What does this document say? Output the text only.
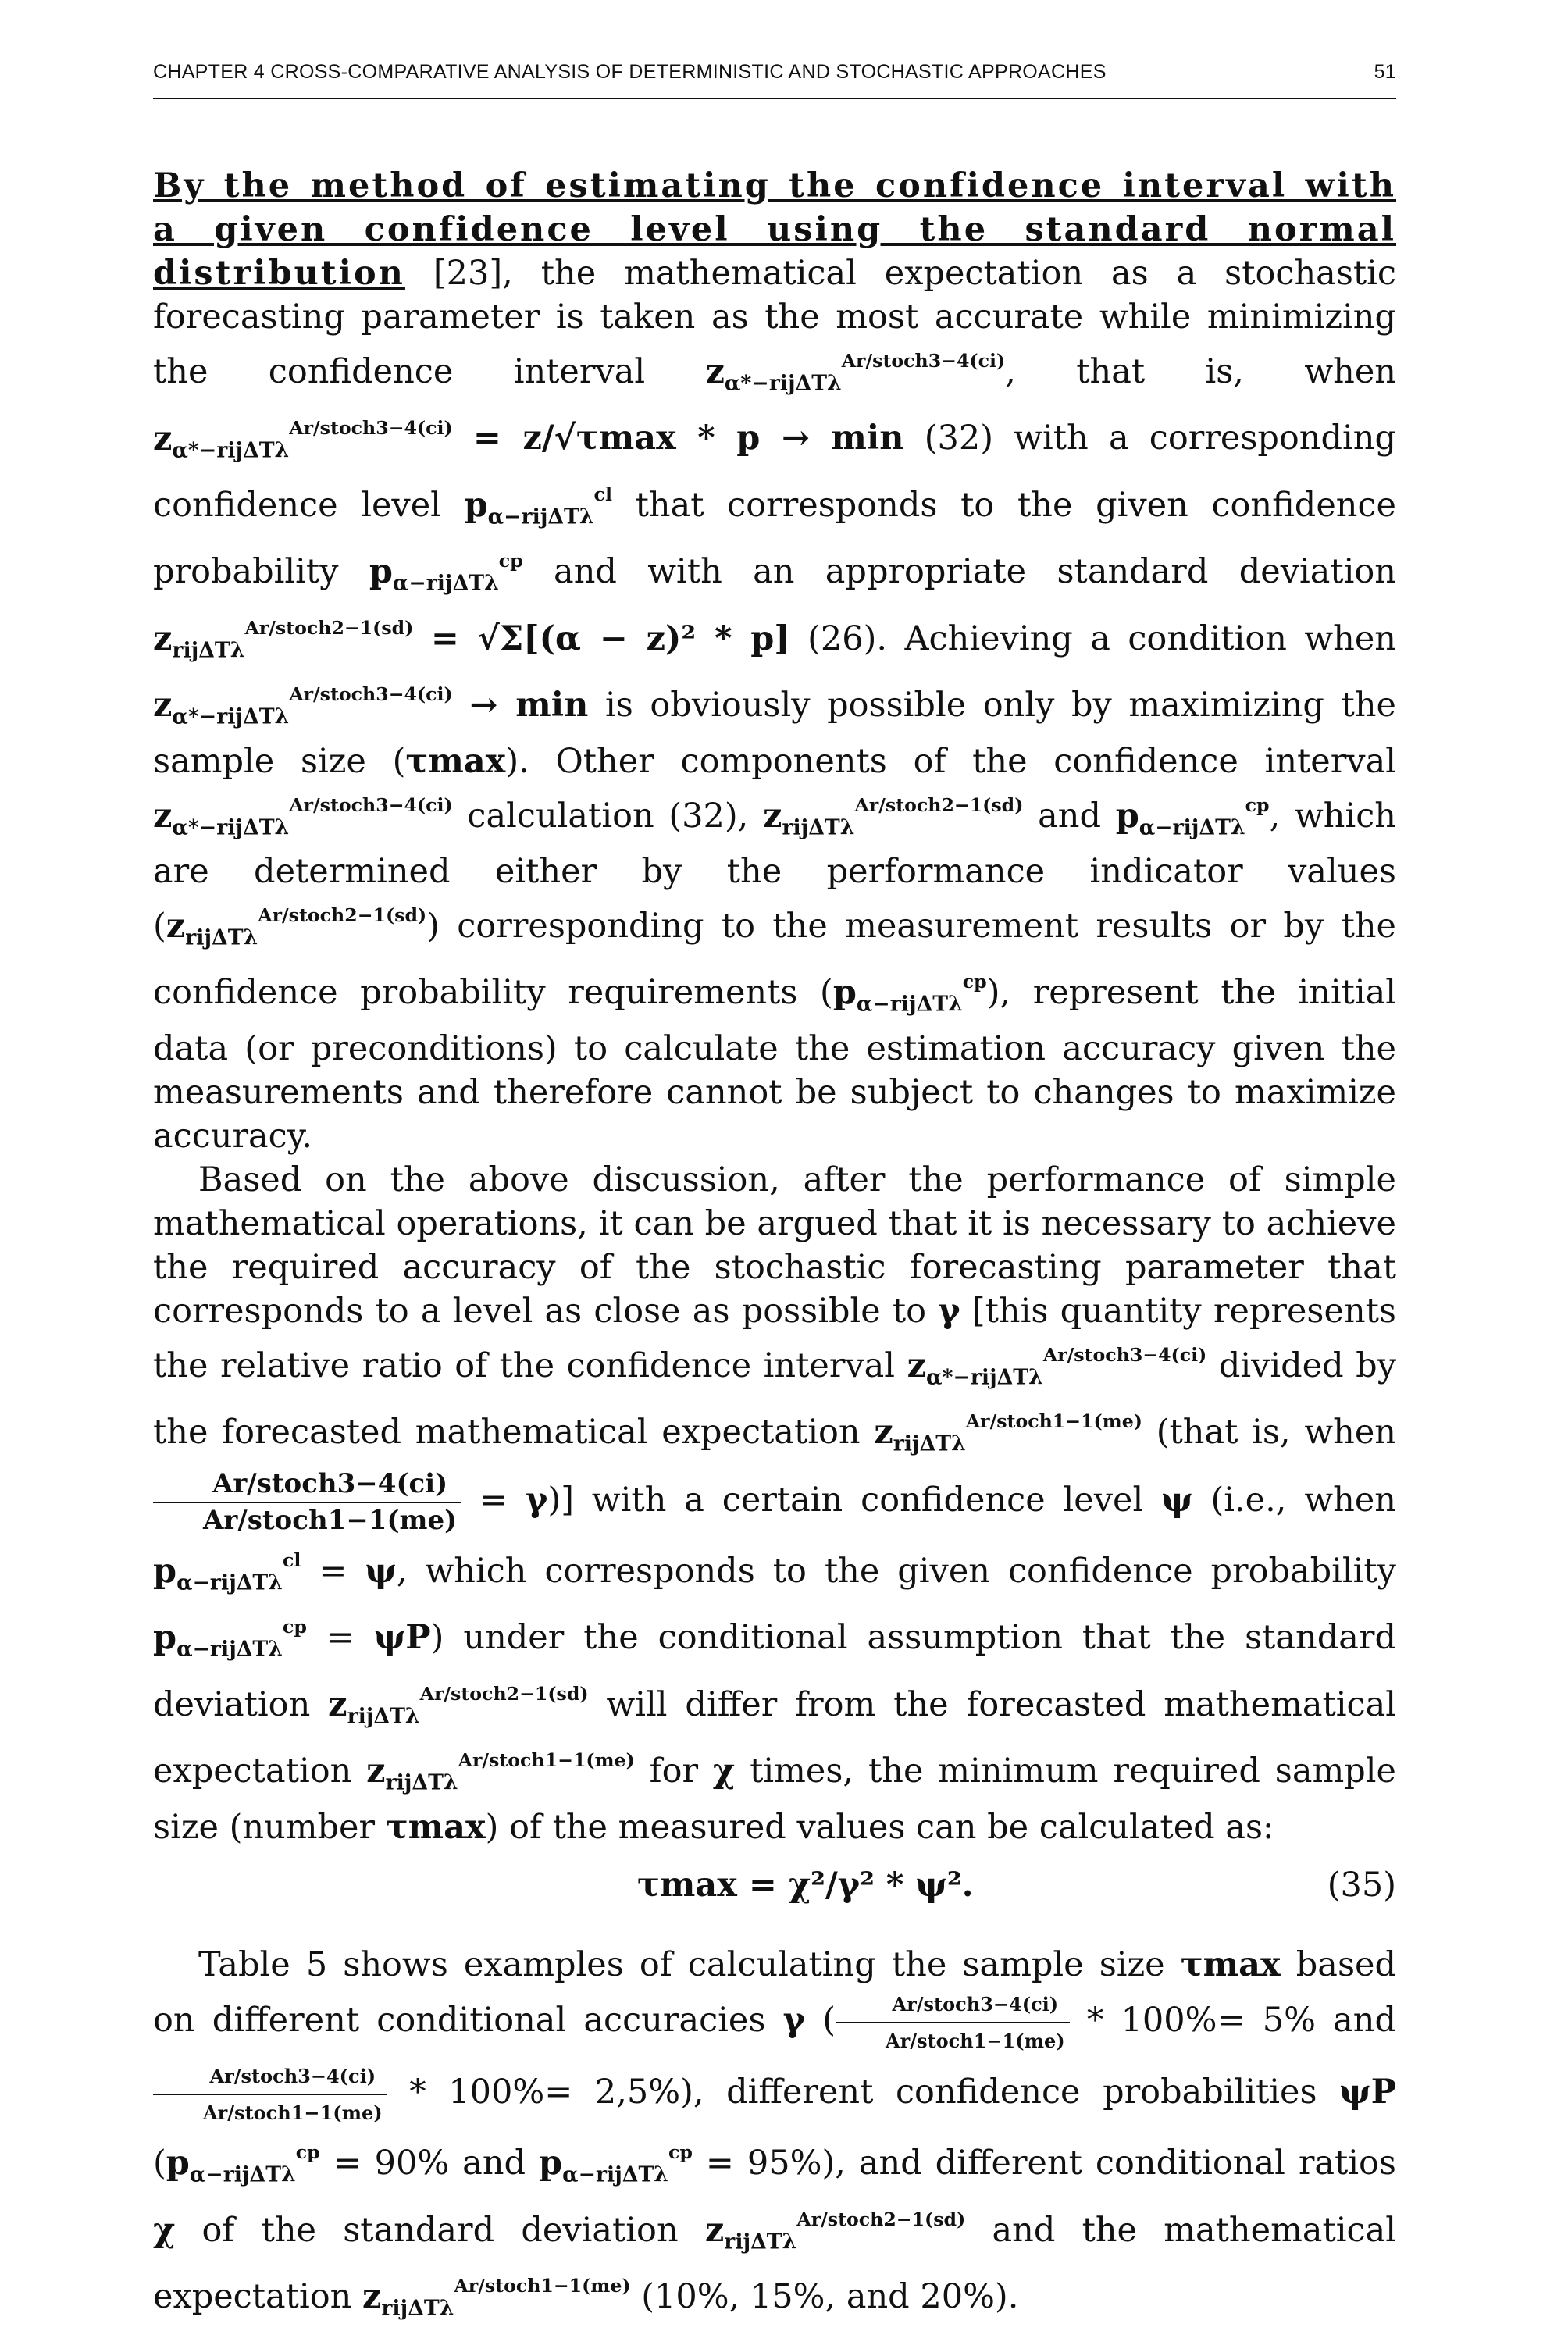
CHAPTER 4 CROSS-COMPARATIVE ANALYSIS OF DETERMINISTIC AND STOCHASTIC APPROACHES	51

By the method of estimating the confidence interval with a given confidence level using the standard normal distribution [23], the mathematical expectation as a stochastic forecasting parameter is taken as the most accurate while minimizing the confidence interval $z_{\alpha*-rij\Delta T\lambda}^{Ar/stoch3-4(ci)}$, that is, when $z_{\alpha*-rij\Delta T\lambda}^{Ar/stoch3-4(ci)} = z/√\tau\max * p \to \min (32)$ with a corresponding confidence level $p_{\alpha-rij\Delta T\lambda}^{cl}$ that corresponds to the given confidence probability $p_{\alpha-rij\Delta T\lambda}^{cp}$ and with an appropriate standard deviation $z_{rij\Delta T\lambda}^{Ar/stoch2-1(sd)} = √\Sigma[(\alpha - z)^2 * p]$ (26). Achieving a condition when $z_{\alpha*-rij\Delta T\lambda}^{Ar/stoch3-4(ci)} \to \min$ is obviously possible only by maximizing the sample size (τmax). Other components of the confidence interval $z_{\alpha*-rij\Delta T\lambda}^{Ar/stoch3-4(ci)}$ calculation (32), $z_{rij\Delta T\lambda}^{Ar/stoch2-1(sd)}$ and $p_{\alpha-rij\Delta T\lambda}^{cp}$, which are determined either by the performance indicator values $(z_{rij\Delta T\lambda}^{Ar/stoch2-1(sd)})$ corresponding to the measurement results or by the confidence probability requirements $(p_{\alpha-rij\Delta T\lambda}^{cp})$, represent the initial data (or preconditions) to calculate the estimation accuracy given the measurements and therefore cannot be subject to changes to maximize accuracy.

Based on the above discussion, after the performance of simple mathematical operations, it can be argued that it is necessary to achieve the required accuracy of the stochastic forecasting parameter that corresponds to a level as close as possible to γ [this quantity represents the relative ratio of the confidence interval $z_{\alpha*-rij\Delta T\lambda}^{Ar/stoch3-4(ci)}$ divided by the forecasted mathematical expectation $z_{rij\Delta T\lambda}^{Ar/stoch1-1(me)}$ (that is, when
$\frac{\text{Ar/stoch3−4(ci)}}{\text{Ar/stoch1−1(me)}} = \gamma$)] with a certain confidence level ψ (i.e., when $p_{\alpha-rij\Delta T\lambda}^{cl} = \psi$, which corresponds to the given confidence probability $p_{\alpha-rij\Delta T\lambda}^{cp} = \psi P$) under the conditional assumption that the standard deviation $z_{rij\Delta T\lambda}^{Ar/stoch2-1(sd)}$ will differ from the forecasted mathematical expectation $z_{rij\Delta T\lambda}^{Ar/stoch1-1(me)}$ for χ times, the minimum required sample size (number τmax) of the measured values can be calculated as:

τmax = χ²/γ² * ψ².	(35)

Table 5 shows examples of calculating the sample size τmax based on different conditional accuracies γ ( $\frac{\text{Ar/stoch3−4(ci)}}{\text{Ar/stoch1−1(me)}} * 100\%= 5\%$ and
$\frac{\text{Ar/stoch3−4(ci)}}{\text{Ar/stoch1−1(me)}} * 100\%= 2,5\%$), different confidence probabilities ψP ($p_{\alpha-rij\Delta T\lambda}^{cp} = 90\%$ and $p_{\alpha-rij\Delta T\lambda}^{cp} = 95\%$), and different conditional ratios χ of the standard deviation $z_{rij\Delta T\lambda}^{Ar/stoch2-1(sd)}$ and the mathematical expectation $z_{rij\Delta T\lambda}^{Ar/stoch1-1(me)}$ (10%, 15%, and 20%).
